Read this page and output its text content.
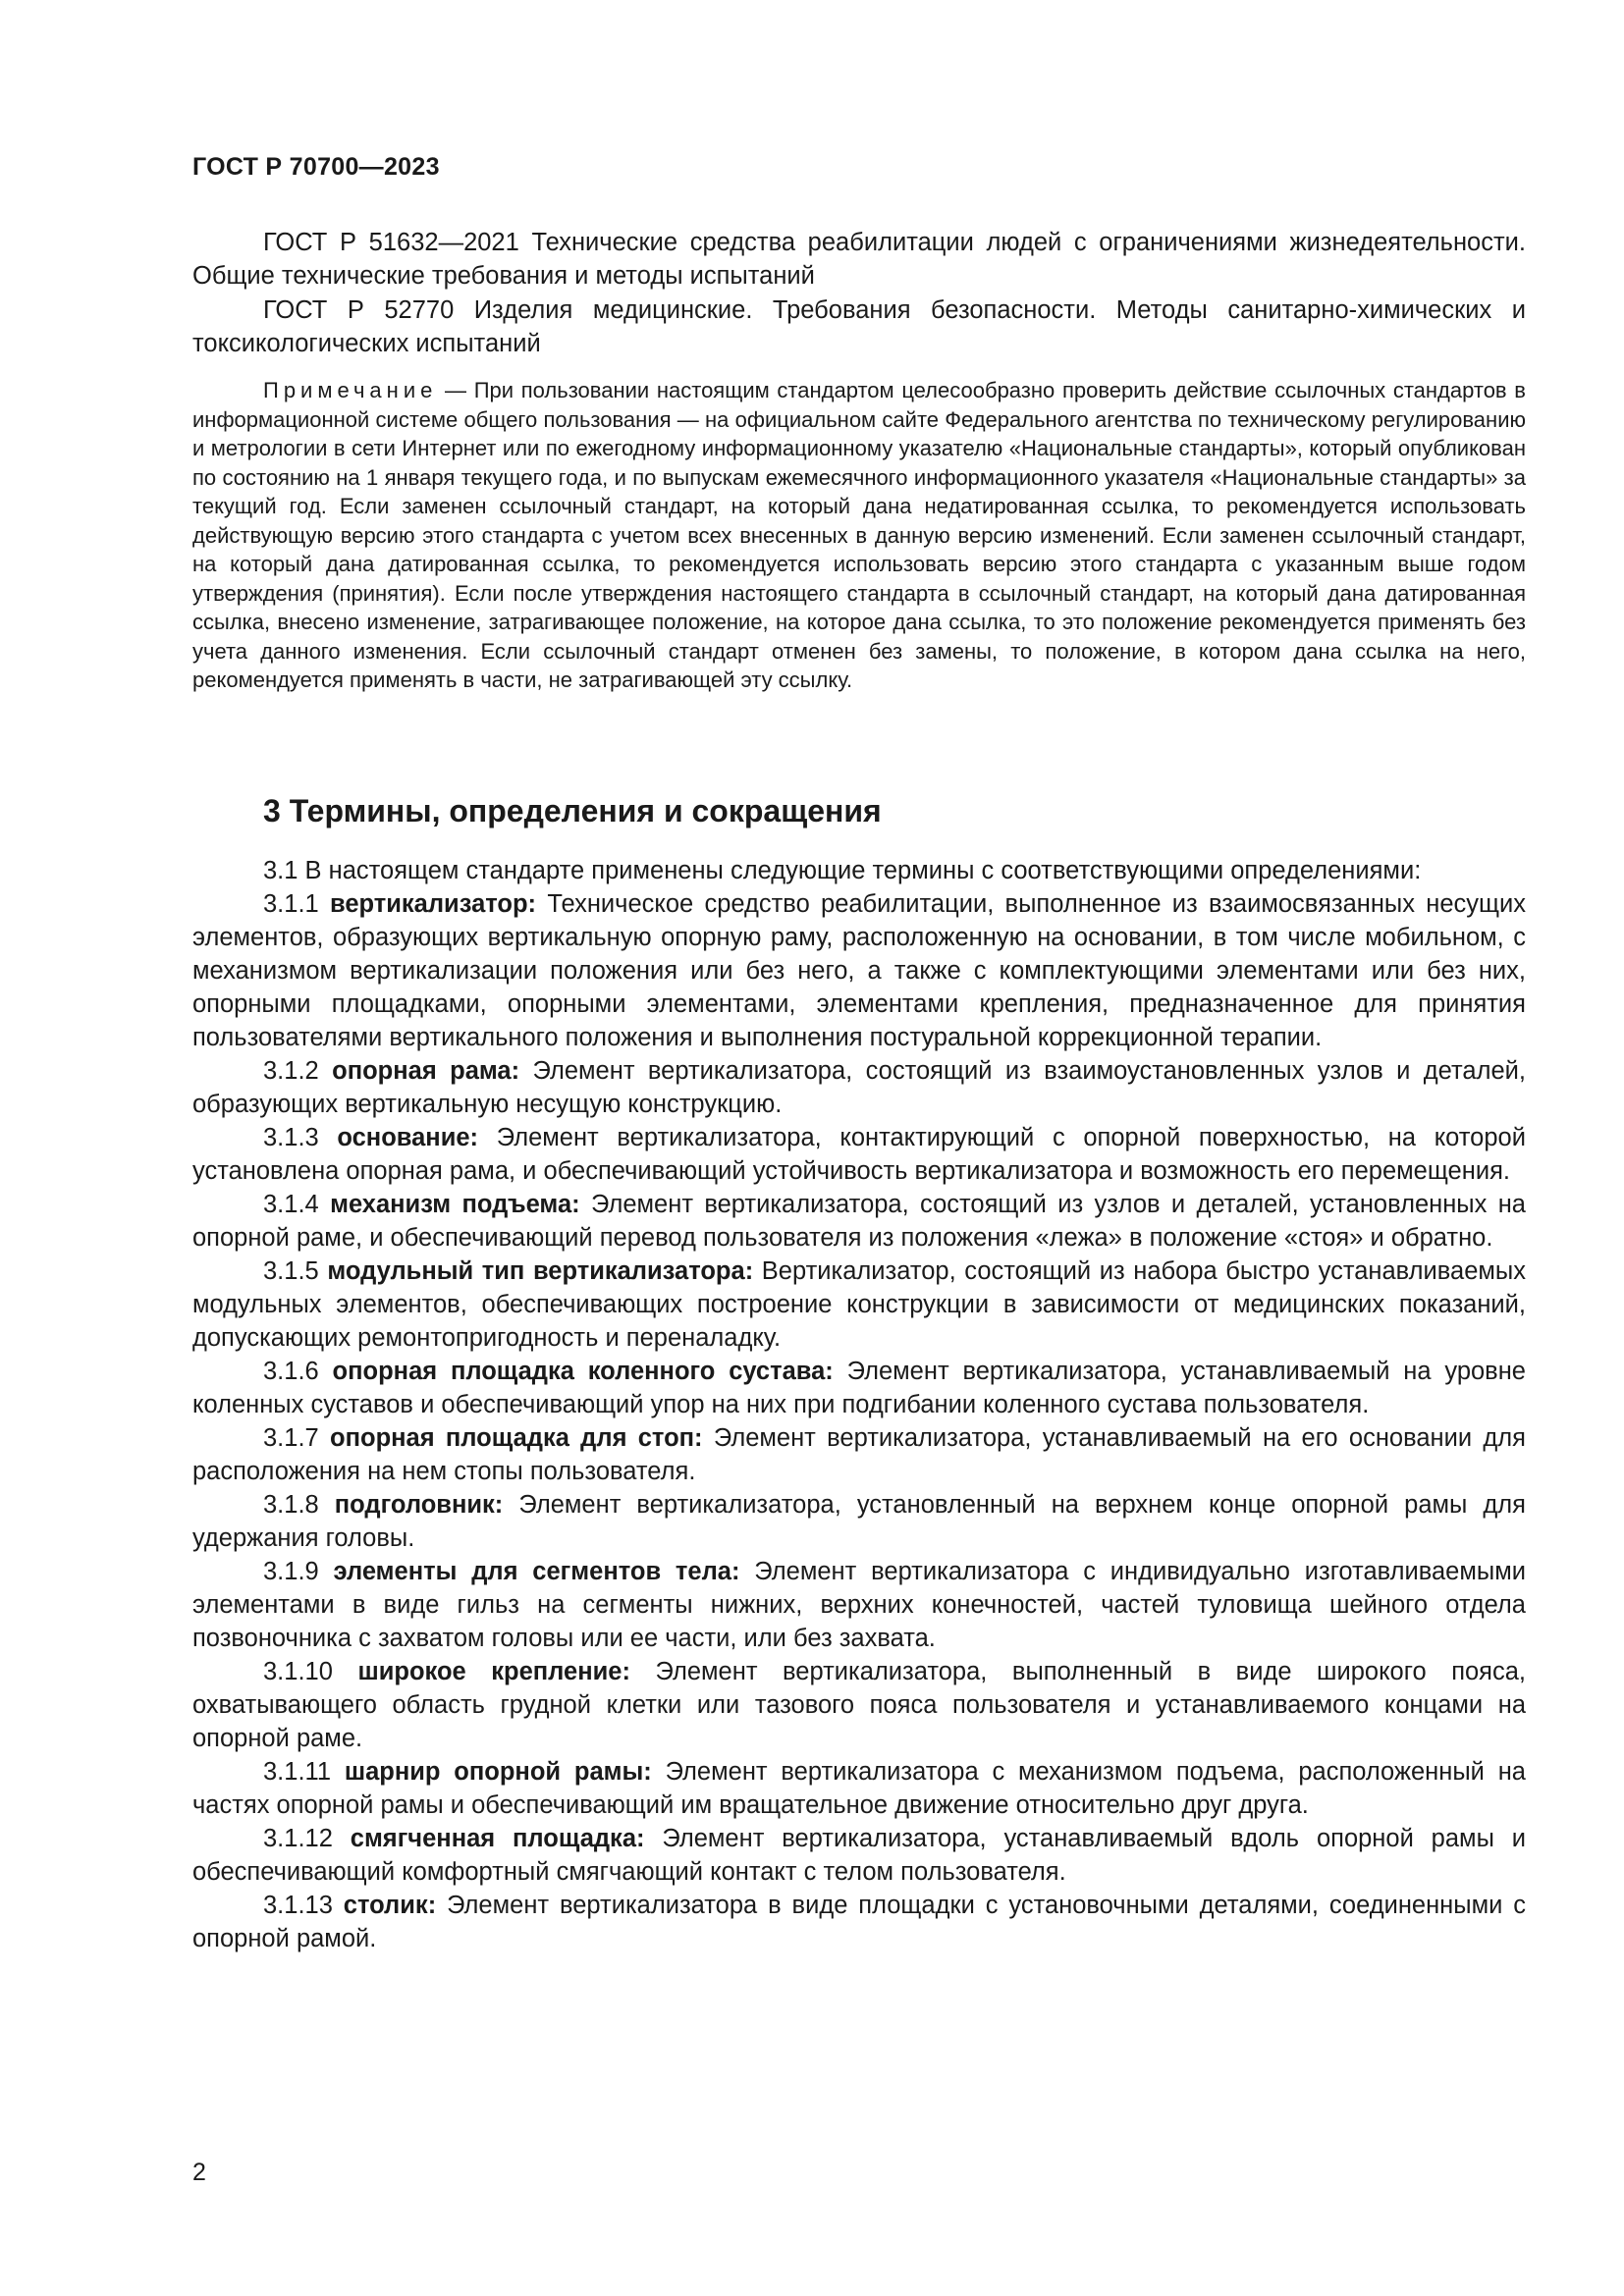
ГОСТ Р 70700—2023

ГОСТ Р 51632—2021 Технические средства реабилитации людей с ограничениями жизнедеятельности. Общие технические требования и методы испытаний

ГОСТ Р 52770 Изделия медицинские. Требования безопасности. Методы санитарно-химических и токсикологических испытаний

Примечание — При пользовании настоящим стандартом целесообразно проверить действие ссылочных стандартов в информационной системе общего пользования — на официальном сайте Федерального агентства по техническому регулированию и метрологии в сети Интернет или по ежегодному информационному указателю «Национальные стандарты», который опубликован по состоянию на 1 января текущего года, и по выпускам ежемесячного информационного указателя «Национальные стандарты» за текущий год. Если заменен ссылочный стандарт, на который дана недатированная ссылка, то рекомендуется использовать действующую версию этого стандарта с учетом всех внесенных в данную версию изменений. Если заменен ссылочный стандарт, на который дана датированная ссылка, то рекомендуется использовать версию этого стандарта с указанным выше годом утверждения (принятия). Если после утверждения настоящего стандарта в ссылочный стандарт, на который дана датированная ссылка, внесено изменение, затрагивающее положение, на которое дана ссылка, то это положение рекомендуется применять без учета данного изменения. Если ссылочный стандарт отменен без замены, то положение, в котором дана ссылка на него, рекомендуется применять в части, не затрагивающей эту ссылку.

3 Термины, определения и сокращения

3.1 В настоящем стандарте применены следующие термины с соответствующими определениями:

3.1.1 вертикализатор: Техническое средство реабилитации, выполненное из взаимосвязанных несущих элементов, образующих вертикальную опорную раму, расположенную на основании, в том числе мобильном, с механизмом вертикализации положения или без него, а также с комплектующими элементами или без них, опорными площадками, опорными элементами, элементами крепления, предназначенное для принятия пользователями вертикального положения и выполнения постуральной коррекционной терапии.

3.1.2 опорная рама: Элемент вертикализатора, состоящий из взаимоустановленных узлов и деталей, образующих вертикальную несущую конструкцию.

3.1.3 основание: Элемент вертикализатора, контактирующий с опорной поверхностью, на которой установлена опорная рама, и обеспечивающий устойчивость вертикализатора и возможность его перемещения.

3.1.4 механизм подъема: Элемент вертикализатора, состоящий из узлов и деталей, установленных на опорной раме, и обеспечивающий перевод пользователя из положения «лежа» в положение «стоя» и обратно.

3.1.5 модульный тип вертикализатора: Вертикализатор, состоящий из набора быстро устанавливаемых модульных элементов, обеспечивающих построение конструкции в зависимости от медицинских показаний, допускающих ремонтопригодность и переналадку.

3.1.6 опорная площадка коленного сустава: Элемент вертикализатора, устанавливаемый на уровне коленных суставов и обеспечивающий упор на них при подгибании коленного сустава пользователя.

3.1.7 опорная площадка для стоп: Элемент вертикализатора, устанавливаемый на его основании для расположения на нем стопы пользователя.

3.1.8 подголовник: Элемент вертикализатора, установленный на верхнем конце опорной рамы для удержания головы.

3.1.9 элементы для сегментов тела: Элемент вертикализатора с индивидуально изготавливаемыми элементами в виде гильз на сегменты нижних, верхних конечностей, частей туловища шейного отдела позвоночника с захватом головы или ее части, или без захвата.

3.1.10 широкое крепление: Элемент вертикализатора, выполненный в виде широкого пояса, охватывающего область грудной клетки или тазового пояса пользователя и устанавливаемого концами на опорной раме.

3.1.11 шарнир опорной рамы: Элемент вертикализатора с механизмом подъема, расположенный на частях опорной рамы и обеспечивающий им вращательное движение относительно друг друга.

3.1.12 смягченная площадка: Элемент вертикализатора, устанавливаемый вдоль опорной рамы и обеспечивающий комфортный смягчающий контакт с телом пользователя.

3.1.13 столик: Элемент вертикализатора в виде площадки с установочными деталями, соединенными с опорной рамой.

2
